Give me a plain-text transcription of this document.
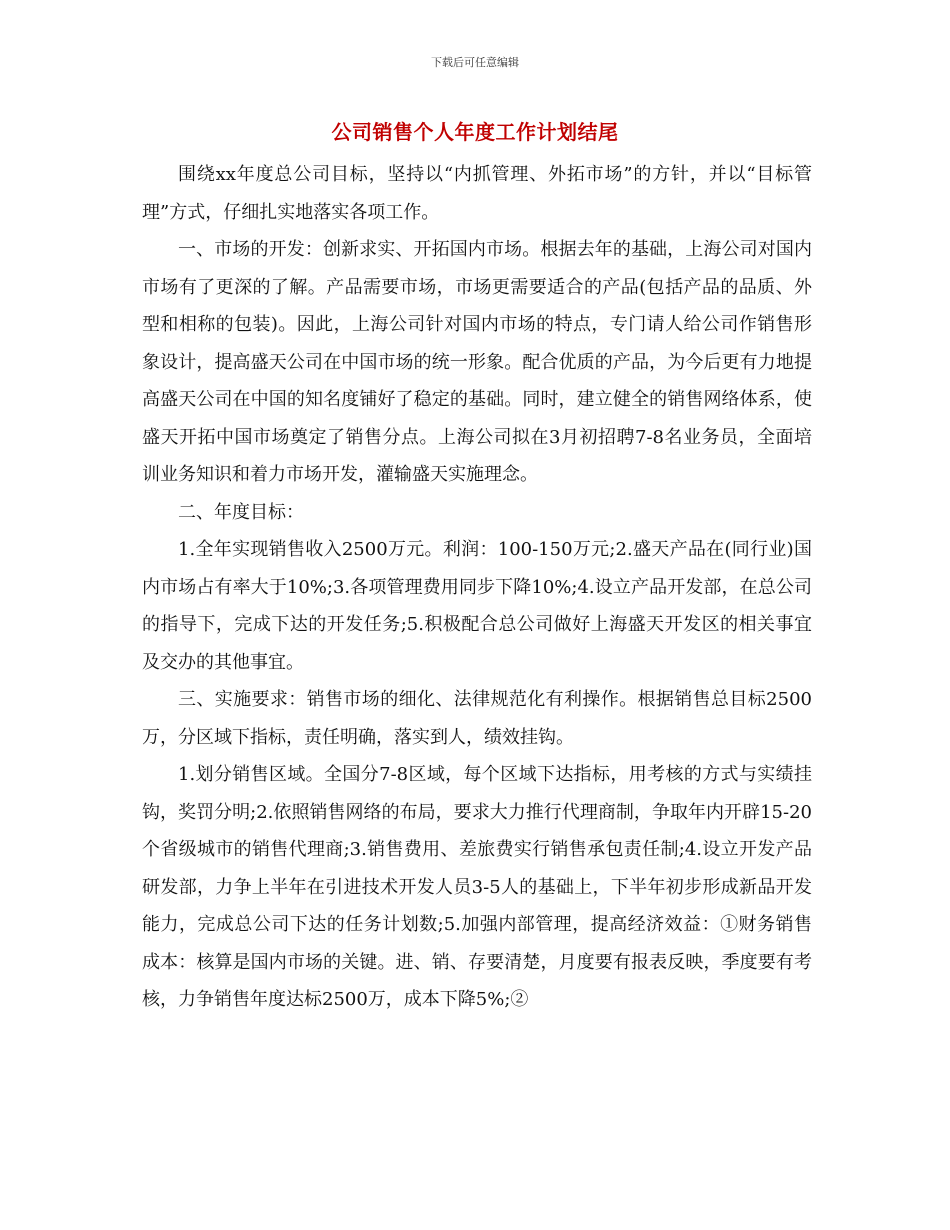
下载后可任意编辑
公司销售个人年度工作计划结尾

围绕xx年度总公司目标，坚持以“内抓管理、外拓市场”的方针，并以“目标管理”方式，仔细扎实地落实各项工作。

一、市场的开发：创新求实、开拓国内市场。根据去年的基础，上海公司对国内市场有了更深的了解。产品需要市场，市场更需要适合的产品(包括产品的品质、外型和相称的包装)。因此，上海公司针对国内市场的特点，专门请人给公司作销售形象设计，提高盛天公司在中国市场的统一形象。配合优质的产品，为今后更有力地提高盛天公司在中国的知名度铺好了稳定的基础。同时，建立健全的销售网络体系，使盛天开拓中国市场奠定了销售分点。上海公司拟在3月初招聘7-8名业务员，全面培训业务知识和着力市场开发，灌输盛天实施理念。

二、年度目标：

1.全年实现销售收入2500万元。利润：100-150万元;2.盛天产品在(同行业)国内市场占有率大于10%;3.各项管理费用同步下降10%;4.设立产品开发部，在总公司的指导下，完成下达的开发任务;5.积极配合总公司做好上海盛天开发区的相关事宜及交办的其他事宜。

三、实施要求：销售市场的细化、法律规范化有利操作。根据销售总目标2500万，分区域下指标，责任明确，落实到人，绩效挂钩。

1.划分销售区域。全国分7-8区域，每个区域下达指标，用考核的方式与实绩挂钩，奖罚分明;2.依照销售网络的布局，要求大力推行代理商制，争取年内开辟15-20个省级城市的销售代理商;3.销售费用、差旅费实行销售承包责任制;4.设立开发产品研发部，力争上半年在引进技术开发人员3-5人的基础上，下半年初步形成新品开发能力，完成总公司下达的任务计划数;5.加强内部管理，提高经济效益：①财务销售成本：核算是国内市场的关键。进、销、存要清楚，月度要有报表反映，季度要有考核，力争销售年度达标2500万，成本下降5%;②
